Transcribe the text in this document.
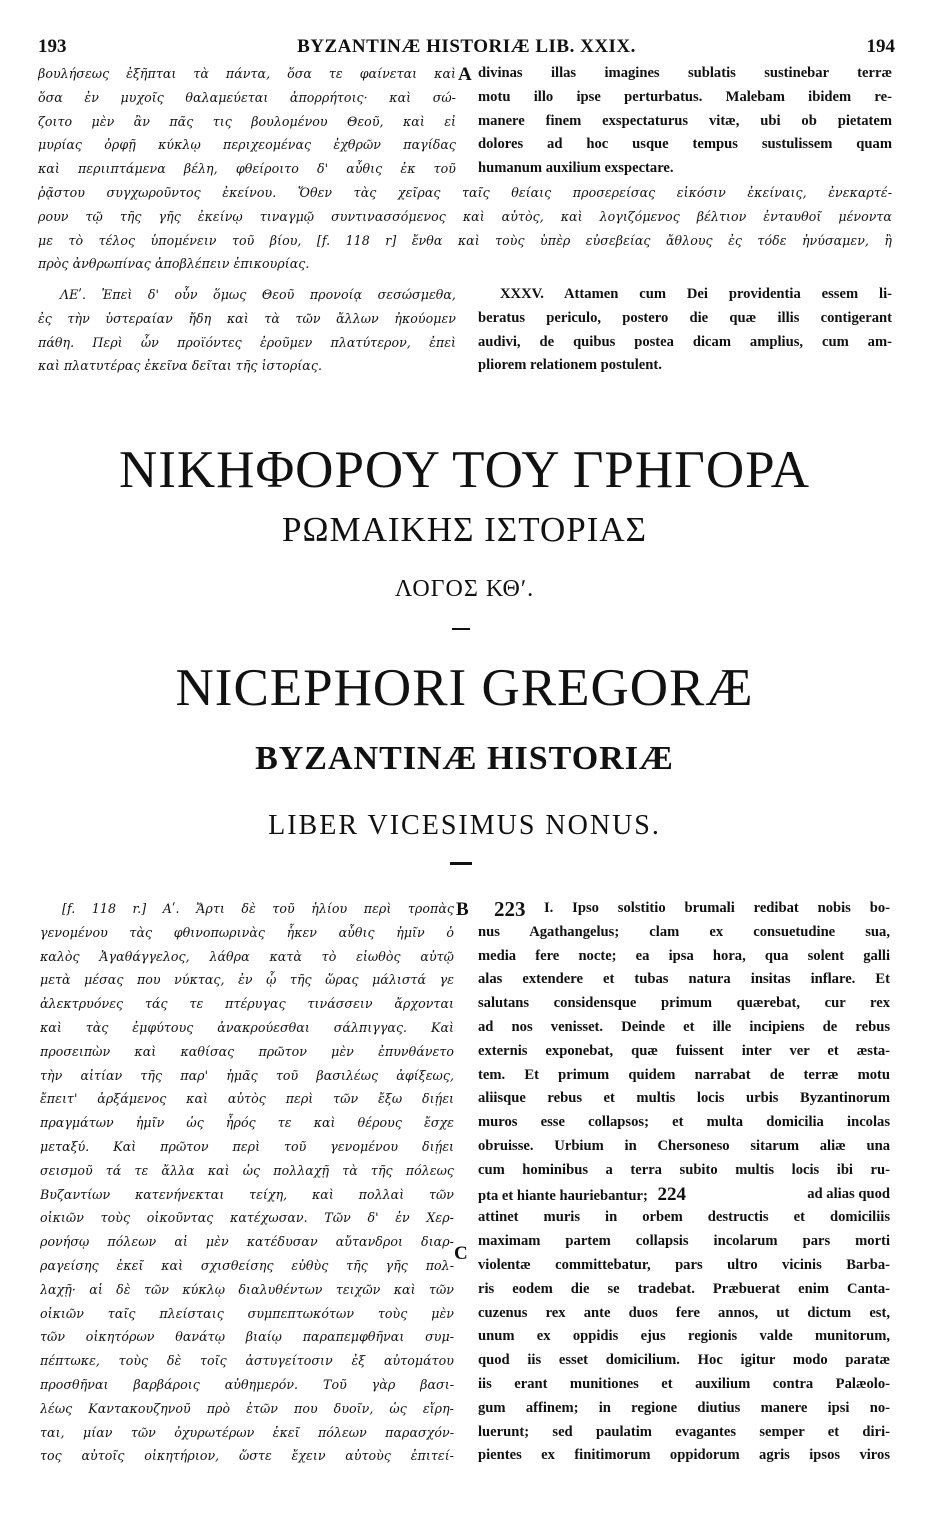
193	BYZANTINÆ HISTORIÆ LIB. XXIX.	194
βουλήσεως ἐξῆπται τὰ πάντα, ὅσα τε φαίνεται καὶ
ὅσα ἐν μυχοῖς θαλαμεύεται ἀπορρήτοις· καὶ σώ-
ζοιτο μὲν ἂν πᾶς τις βουλομένου Θεοῦ, καὶ εἰ
μυρίας ὀρφῇ κύκλῳ περιχεομένας ἐχθρῶν παγίδας
καὶ περιιπτάμενα βέλη, φθείροιτο δ' αὖθις ἐκ τοῦ
A divinas illas imagines sublatis sustinebar terræ
motu illo ipse perturbatus. Malebam ibidem re-
manere finem exspectaturus vitæ, ubi ob pietatem
dolores ad hoc usque tempus sustulissem quam
humanum auxilium exspectare.
ῥᾷστου συγχωροῦντος ἐκείνου. Ὅθεν τὰς χεῖρας ταῖς θείαις προσερείσας εἰκόσιν ἐκείναις, ἐνεκαρτέ-
ρουν τῷ τῆς γῆς ἐκείνῳ τιναγμῷ συντινασσόμενος καὶ αὐτὸς, καὶ λογιζόμενος βέλτιον ἐνταυθοῖ μένοντα
με τὸ τέλος ὑπομένειν τοῦ βίου, [f. 118 r] ἔνθα καὶ τοὺς ὑπὲρ εὐσεβείας ἄθλους ἐς τόδε ἠνύσαμεν, ἢ
πρὸς ἀνθρωπίνας ἀποβλέπειν ἐπικουρίας.
ΛΕʹ. Ἐπεὶ δ' οὖν ὅμως Θεοῦ προνοίᾳ σεσώσμεθα,
ἐς τὴν ὑστεραίαν ἤδη καὶ τὰ τῶν ἄλλων ἠκούομεν
πάθη. Περὶ ὧν προϊόντες ἐροῦμεν πλατύτερον, ἐπεὶ
καὶ πλατυτέρας ἐκεῖνα δεῖται τῆς ἱστορίας.
XXXV. Attamen cum Dei providentia essem li-
beratus periculo, postero die quæ illis contigerant
audivi, de quibus postea dicam amplius, cum am-
pliorem relationem postulent.
ΝΙΚΗΦΟΡΟΥ ΤΟΥ ΓΡΗΓΟΡΑ
ΡΩΜΑΙΚΗΣ ΙΣΤΟΡΙΑΣ
ΛΟΓΟΣ ΚΘʹ.
NICEPHORI GREGORÆ
BYZANTINÆ HISTORIÆ
LIBER VICESIMUS NONUS.
[f. 118 r.] Αʹ. Ἄρτι δὲ τοῦ ἡλίου περὶ τροπὰς
γενομένου τὰς φθινοπωρινὰς ἧκεν αὖθις ἡμῖν ὁ
καλὸς Ἀγαθάγγελος, λάθρα κατὰ τὸ εἰωθὸς αὐτῷ
μετὰ μέσας που νύκτας, ἐν ᾧ τῆς ὥρας μάλιστά γε
ἀλεκτρυόνες τάς τε πτέρυγας τινάσσειν ἄρχονται
καὶ τὰς ἐμφύτους ἀνακρούεσθαι σάλπιγγας. Καὶ
προσειπὼν καὶ καθίσας πρῶτον μὲν ἐπυνθάνετο
τὴν αἰτίαν τῆς παρ' ἡμᾶς τοῦ βασιλέως ἀφίξεως,
ἔπειτ' ἀρξάμενος καὶ αὐτὸς περὶ τῶν ἔξω διῄει
πραγμάτων ἡμῖν ὡς ἦρός τε καὶ θέρους ἔσχε
μεταξύ. Καὶ πρῶτον περὶ τοῦ γενομένου διῄει
σεισμοῦ τά τε ἄλλα καὶ ὡς πολλαχῇ τὰ τῆς πόλεως
Βυζαντίων κατενήνεκται τείχη, καὶ πολλαὶ τῶν
οἰκιῶν τοὺς οἰκοῦντας κατέχωσαν. Τῶν δ' ἐν Χερ-
ρονήσῳ πόλεων αἱ μὲν κατέδυσαν αὔτανδροι διαρ-
ραγείσης ἐκεῖ καὶ σχισθείσης εὐθὺς τῆς γῆς πολ-
λαχῇ· αἱ δὲ τῶν κύκλῳ διαλυθέντων τειχῶν καὶ τῶν
οἰκιῶν ταῖς πλείσταις συμπεπτωκότων τοὺς μὲν
τῶν οἰκητόρων θανάτῳ βιαίῳ παραπεμφθῆναι συμ-
πέπτωκε, τοὺς δὲ τοῖς ἀστυγείτοσιν ἐξ αὐτομάτου
προσθῆναι βαρβάροις αὐθημερόν. Τοῦ γὰρ βασι-
λέως Καντακουζηνοῦ πρὸ ἐτῶν που δυοῖν, ὡς εἴρη-
ται, μίαν τῶν ὀχυρωτέρων ἐκεῖ πόλεων παρασχόν-
τος αὐτοῖς οἰκητήριον, ὥστε ἔχειν αὐτοὺς ἐπιτεί-
B
C
223	I. Ipso solstitio brumali redibat nobis bo-
nus Agathangelus; clam ex consuetudine sua,
media fere nocte; ea ipsa hora, qua solent galli
alas extendere et tubas natura insitas inflare. Et
salutans considensque primum quærebat, cur rex
ad nos venisset. Deinde et ille incipiens de rebus
externis exponebat, quæ fuissent inter ver et æsta-
tem. Et primum quidem narrabat de terræ motu
aliisque rebus et multis locis urbis Byzantinorum
muros esse collapsos; et multa domicilia incolas
obruisse. Urbium in Chersoneso sitarum aliæ una
cum hominibus a terra subito multis locis ibi ru-
pta et hiante hauriebantur; 224	ad alias quod
attinet muris in orbem destructis et domiciliis
maximam partem collapsis incolarum pars morti
violentæ committebatur, pars ultro vicinis Barba-
ris eodem die se tradebat. Præbuerat enim Canta-
cuzenus rex ante duos fere annos, ut dictum est,
unum ex oppidis ejus regionis valde munitorum,
quod iis esset domicilium. Hoc igitur modo paratæ
iis erant munitiones et auxilium contra Palæolo-
gum affinem; in regione diutius manere ipsi no-
luerunt; sed paulatim evagantes semper et diri-
pientes ex finitimorum oppidorum agris ipsos viros
